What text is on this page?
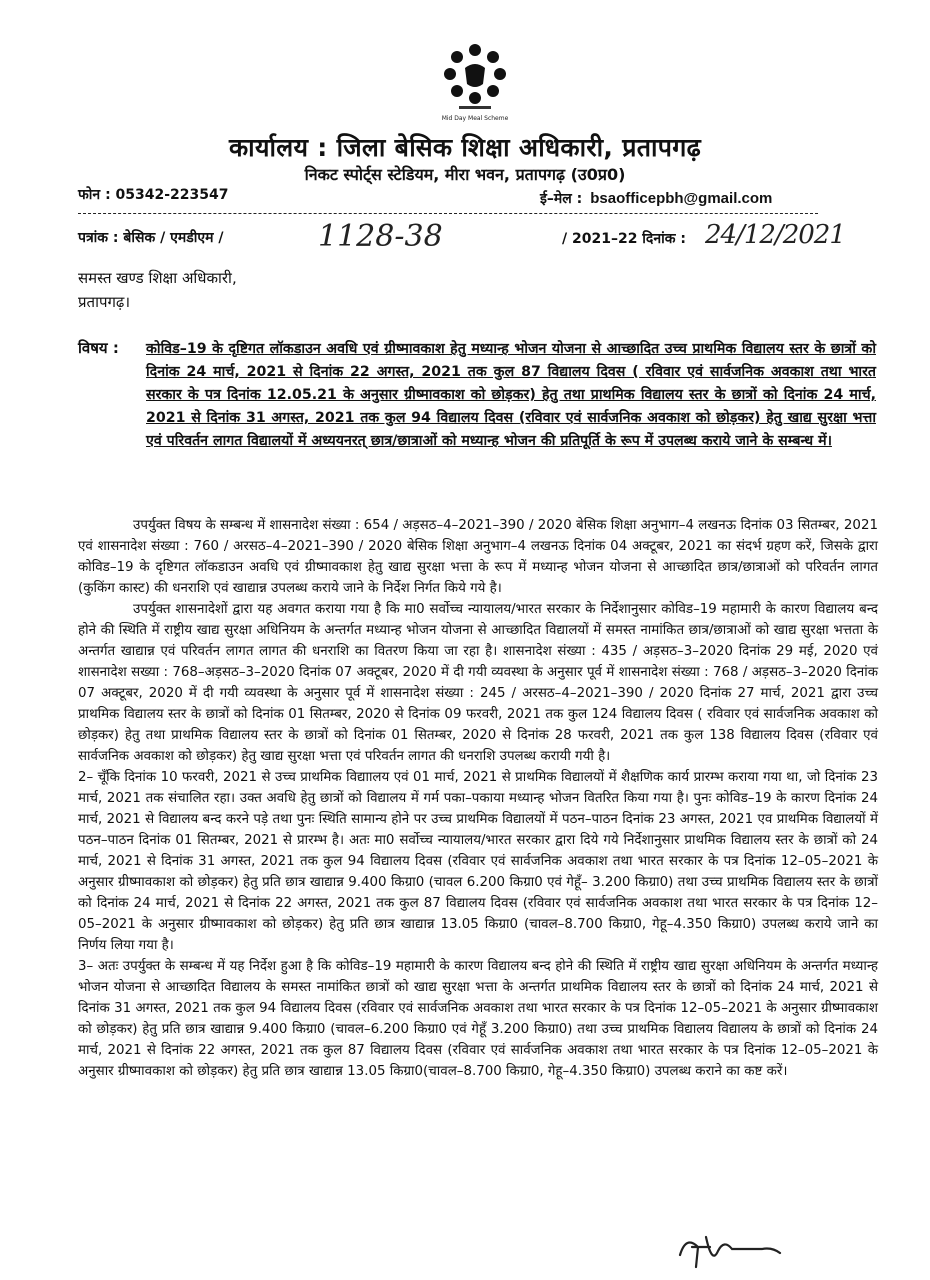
Mid Day Meal Scheme
कार्यालय : जिला बेसिक शिक्षा अधिकारी, प्रतापगढ़
निकट स्पोर्ट्स स्टेडियम, मीरा भवन, प्रतापगढ़ (उ0प्र0)
फोन : 05342-223547	ई–मेल : bsaofficepbh@gmail.com
पत्रांक : बेसिक / एमडीएम /	1128-38	/ 2021–22 दिनांक : 24/12/2021
समस्त खण्ड शिक्षा अधिकारी,
प्रतापगढ़।
विषय : कोविड–19 के दृष्टिगत लॉकडाउन अवधि एवं ग्रीष्मावकाश हेतु मध्यान्ह भोजन योजना से आच्छादित उच्च प्राथमिक विद्यालय स्तर के छात्रों को दिनांक 24 मार्च, 2021 से दिनांक 22 अगस्त, 2021 तक कुल 87 विद्यालय दिवस ( रविवार एवं सार्वजनिक अवकाश तथा भारत सरकार के पत्र दिनांक 12.05.21 के अनुसार ग्रीष्मावकाश को छोड़कर) हेतु तथा प्राथमिक विद्यालय स्तर के छात्रों को दिनांक 24 मार्च, 2021 से दिनांक 31 अगस्त, 2021 तक कुल 94 विद्यालय दिवस (रविवार एवं सार्वजनिक अवकाश को छोड़कर) हेतु खाद्य सुरक्षा भत्ता एवं परिवर्तन लागत विद्यालयों में अध्ययनरत् छात्र/छात्राओं को मध्यान्ह भोजन की प्रतिपूर्ति के रूप में उपलब्ध कराये जाने के सम्बन्ध में।

उपर्युक्त विषय के सम्बन्ध में शासनादेश संख्या : 654 / अड़सठ–4–2021–390 / 2020 बेसिक शिक्षा अनुभाग–4 लखनऊ दिनांक 03 सितम्बर, 2021 एवं शासनादेश संख्या : 760 / अरसठ–4–2021–390 / 2020 बेसिक शिक्षा अनुभाग–4 लखनऊ दिनांक 04 अक्टूबर, 2021 का संदर्भ ग्रहण करें, जिसके द्वारा कोविड–19 के दृष्टिगत लॉकडाउन अवधि एवं ग्रीष्मावकाश हेतु खाद्य सुरक्षा भत्ता के रूप में मध्यान्ह भोजन योजना से आच्छादित छात्र/छात्राओं को परिवर्तन लागत (कुकिंग कास्ट) की धनराशि एवं खाद्यान्न उपलब्ध कराये जाने के निर्देश निर्गत किये गये है।

उपर्युक्त शासनादेशों द्वारा यह अवगत कराया गया है कि मा0 सर्वोच्च न्यायालय/भारत सरकार के निर्देशानुसार कोविड–19 महामारी के कारण विद्यालय बन्द होने की स्थिति में राष्ट्रीय खाद्य सुरक्षा अधिनियम के अन्तर्गत मध्यान्ह भोजन योजना से आच्छादित विद्यालयों में समस्त नामांकित छात्र/छात्राओं को खाद्य सुरक्षा भत्तता के अन्तर्गत खाद्यान्न एवं परिवर्तन लागत लागत की धनराशि का वितरण किया जा रहा है। शासनादेश संख्या : 435 / अड़सठ–3–2020 दिनांक 29 मई, 2020 एवं शासनादेश सख्या : 768–अड़सठ–3–2020 दिनांक 07 अक्टूबर, 2020 में दी गयी व्यवस्था के अनुसार पूर्व में शासनादेश संख्या : 768 / अड़सठ–3–2020 दिनांक 07 अक्टूबर, 2020 में दी गयी व्यवस्था के अनुसार पूर्व में शासनादेश संख्या : 245 / अरसठ–4–2021–390 / 2020 दिनांक 27 मार्च, 2021 द्वारा उच्च प्राथमिक विद्यालय स्तर के छात्रों को दिनांक 01 सितम्बर, 2020 से दिनांक 09 फरवरी, 2021 तक कुल 124 विद्यालय दिवस ( रविवार एवं सार्वजनिक अवकाश को छोड़कर) हेतु तथा प्राथमिक विद्यालय स्तर के छात्रों को दिनांक 01 सितम्बर, 2020 से दिनांक 28 फरवरी, 2021 तक कुल 138 विद्यालय दिवस (रविवार एवं सार्वजनिक अवकाश को छोड़कर) हेतु खाद्य सुरक्षा भत्ता एवं परिवर्तन लागत की धनराशि उपलब्ध करायी गयी है।

2– चूँकि दिनांक 10 फरवरी, 2021 से उच्च प्राथमिक विद्याालय एवं 01 मार्च, 2021 से प्राथमिक विद्यालयों में शैक्षणिक कार्य प्रारम्भ कराया गया था, जो दिनांक 23 मार्च, 2021 तक संचालित रहा। उक्त अवधि हेतु छात्रों को विद्यालय में गर्म पका–पकाया मध्यान्ह भोजन वितरित किया गया है। पुनः कोविड–19 के कारण दिनांक 24 मार्च, 2021 से विद्यालय बन्द करने पड़े तथा पुनः स्थिति सामान्य होने पर उच्च प्राथमिक विद्यालयों में पठन–पाठन दिनांक 23 अगस्त, 2021 एव प्राथमिक विद्यालयों में पठन–पाठन दिनांक 01 सितम्बर, 2021 से प्रारम्भ है। अतः मा0 सर्वोच्च न्यायालय/भारत सरकार द्वारा दिये गये निर्देशानुसार प्राथमिक विद्यालय स्तर के छात्रों को 24 मार्च, 2021 से दिनांक 31 अगस्त, 2021 तक कुल 94 विद्यालय दिवस (रविवार एवं सार्वजनिक अवकाश तथा भारत सरकार के पत्र दिनांक 12–05–2021 के अनुसार ग्रीष्मावकाश को छोड़कर) हेतु प्रति छात्र खाद्यान्न 9.400 किग्रा0 (चावल 6.200 किग्रा0 एवं गेहूँ– 3.200 किग्रा0) तथा उच्च प्राथमिक विद्यालय स्तर के छात्रों को दिनांक 24 मार्च, 2021 से दिनांक 22 अगस्त, 2021 तक कुल 87 विद्यालय दिवस (रविवार एवं सार्वजनिक अवकाश तथा भारत सरकार के पत्र दिनांक 12–05–2021 के अनुसार ग्रीष्मावकाश को छोड़कर) हेतु प्रति छात्र खाद्यान्न 13.05 किग्रा0 (चावल–8.700 किग्रा0, गेहू–4.350 किग्रा0) उपलब्ध कराये जाने का निर्णय लिया गया है।

3– अतः उपर्युक्त के सम्बन्ध में यह निर्देश हुआ है कि कोविड–19 महामारी के कारण विद्यालय बन्द होने की स्थिति में राष्ट्रीय खाद्य सुरक्षा अधिनियम के अन्तर्गत मध्यान्ह भोजन योजना से आच्छादित विद्यालय के समस्त नामांकित छात्रों को खाद्य सुरक्षा भत्ता के अन्तर्गत प्राथमिक विद्यालय स्तर के छात्रों को दिनांक 24 मार्च, 2021 से दिनांक 31 अगस्त, 2021 तक कुल 94 विद्यालय दिवस (रविवार एवं सार्वजनिक अवकाश तथा भारत सरकार के पत्र दिनांक 12–05–2021 के अनुसार ग्रीष्मावकाश को छोड़कर) हेतु प्रति छात्र खाद्यान्न 9.400 किग्रा0 (चावल–6.200 किग्रा0 एवं गेहूँ 3.200 किग्रा0) तथा उच्च प्राथमिक विद्यालय विद्यालय के छात्रों को दिनांक 24 मार्च, 2021 से दिनांक 22 अगस्त, 2021 तक कुल 87 विद्यालय दिवस (रविवार एवं सार्वजनिक अवकाश तथा भारत सरकार के पत्र दिनांक 12–05–2021 के अनुसार ग्रीष्मावकाश को छोड़कर) हेतु प्रति छात्र खाद्यान्न 13.05 किग्रा0(चावल–8.700 किग्रा0, गेहू–4.350 किग्रा0) उपलब्ध कराने का कष्ट करें।
